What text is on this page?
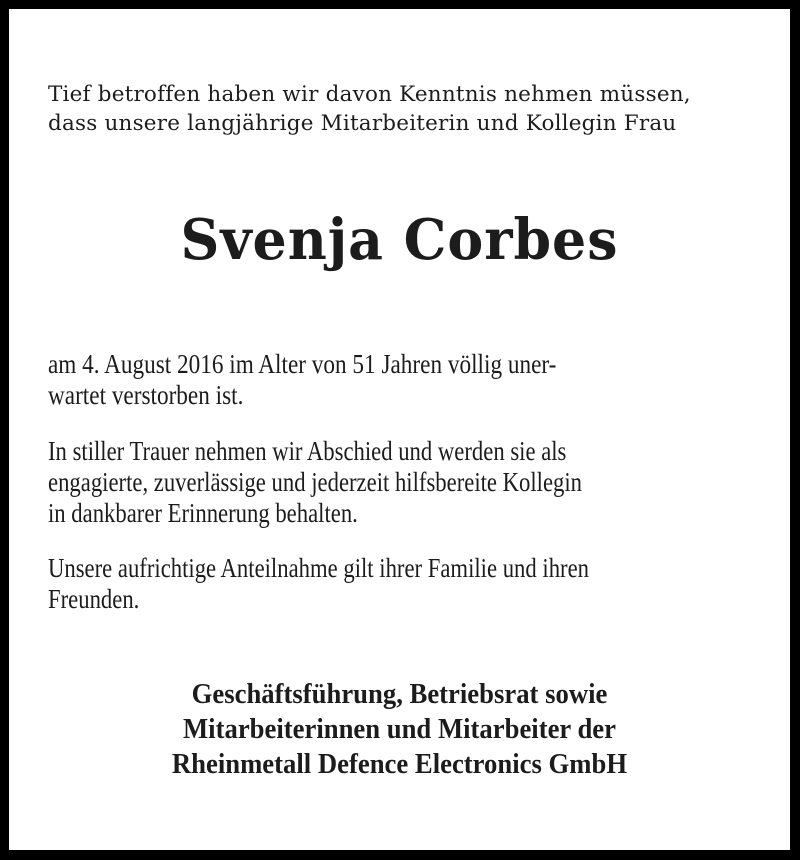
Tief betroffen haben wir davon Kenntnis nehmen müssen,
dass unsere langjährige Mitarbeiterin und Kollegin Frau
Svenja Corbes
am 4. August 2016 im Alter von 51 Jahren völlig uner-
wartet verstorben ist.
In stiller Trauer nehmen wir Abschied und werden sie als
engagierte, zuverlässige und jederzeit hilfsbereite Kollegin
in dankbarer Erinnerung behalten.
Unsere aufrichtige Anteilnahme gilt ihrer Familie und ihren
Freunden.
Geschäftsführung, Betriebsrat sowie
Mitarbeiterinnen und Mitarbeiter der
Rheinmetall Defence Electronics GmbH
